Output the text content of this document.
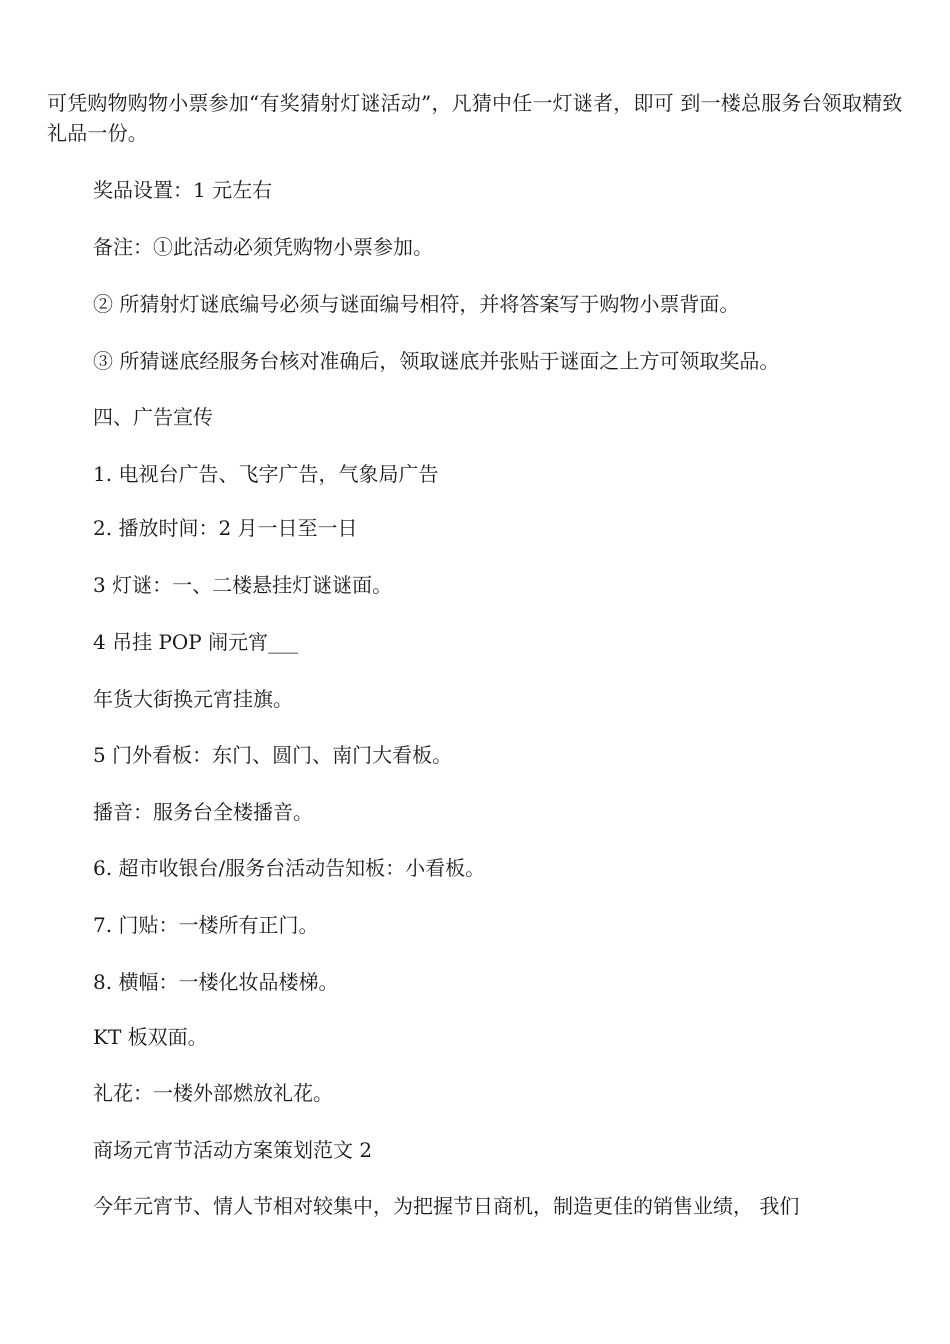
可凭购物购物小票参加“有奖猜射灯谜活动”，凡猜中任一灯谜者，即可 到一楼总服务台领取精致礼品一份。
奖品设置：1 元左右
备注：①此活动必须凭购物小票参加。
② 所猜射灯谜底编号必须与谜面编号相符，并将答案写于购物小票背面。
③ 所猜谜底经服务台核对准确后，领取谜底并张贴于谜面之上方可领取奖品。
四、广告宣传
1. 电视台广告、飞字广告，气象局广告
2. 播放时间：2 月一日至一日
3 灯谜：一、二楼悬挂灯谜谜面。
4 吊挂 POP 闹元宵___
年货大街换元宵挂旗。
5 门外看板：东门、圆门、南门大看板。
播音：服务台全楼播音。
6. 超市收银台/服务台活动告知板：小看板。
7. 门贴：一楼所有正门。
8. 横幅：一楼化妆品楼梯。
KT 板双面。
礼花：一楼外部燃放礼花。
商场元宵节活动方案策划范文 2
今年元宵节、情人节相对较集中，为把握节日商机，制造更佳的销售业绩， 我们
